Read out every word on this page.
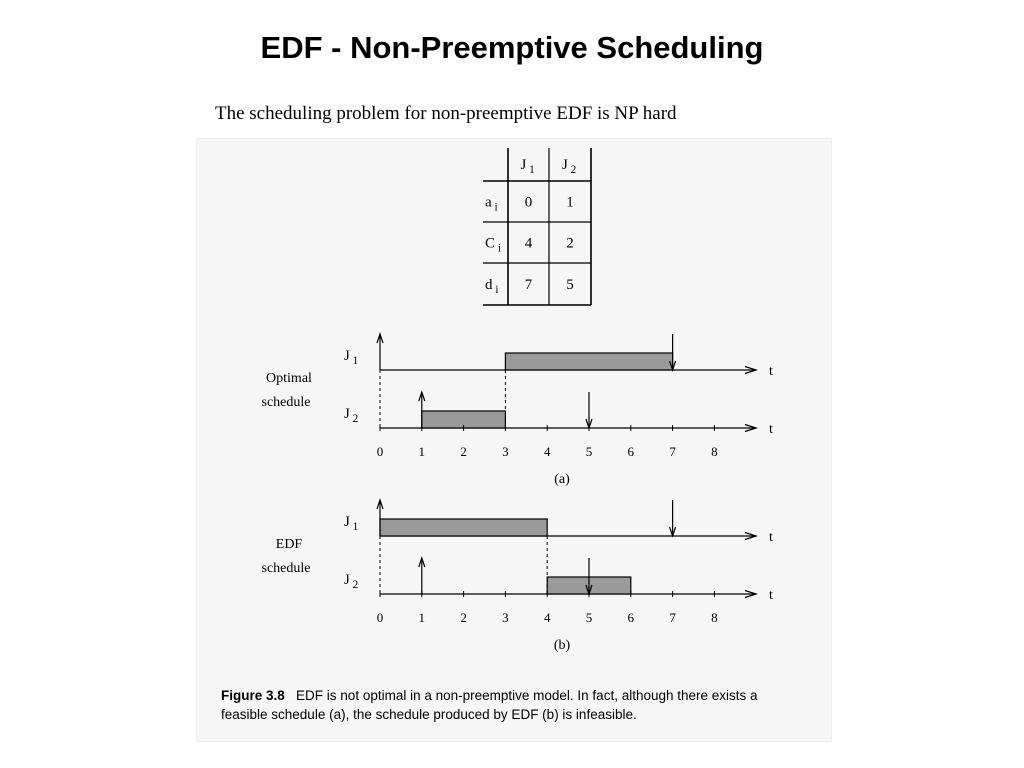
EDF - Non-Preemptive Scheduling
The scheduling problem for non-preemptive EDF is NP hard
J $_1$ J $_2$
a $_i$ 0 1
C $_i$ 4 2
d $_i$ 7 5
Optimal
schedule
J $_1$
t
J $_2$
t
0	1	2	3	4	5	6	7	8
(a)
EDF
schedule
J $_1$
t
J $_2$
t
0	1	2	3	4	5	6	7	8
(b)
Figure 3.8 EDF is not optimal in a non-preemptive model. In fact, although there exists a
feasible schedule (a), the schedule produced by EDF (b) is infeasible.
